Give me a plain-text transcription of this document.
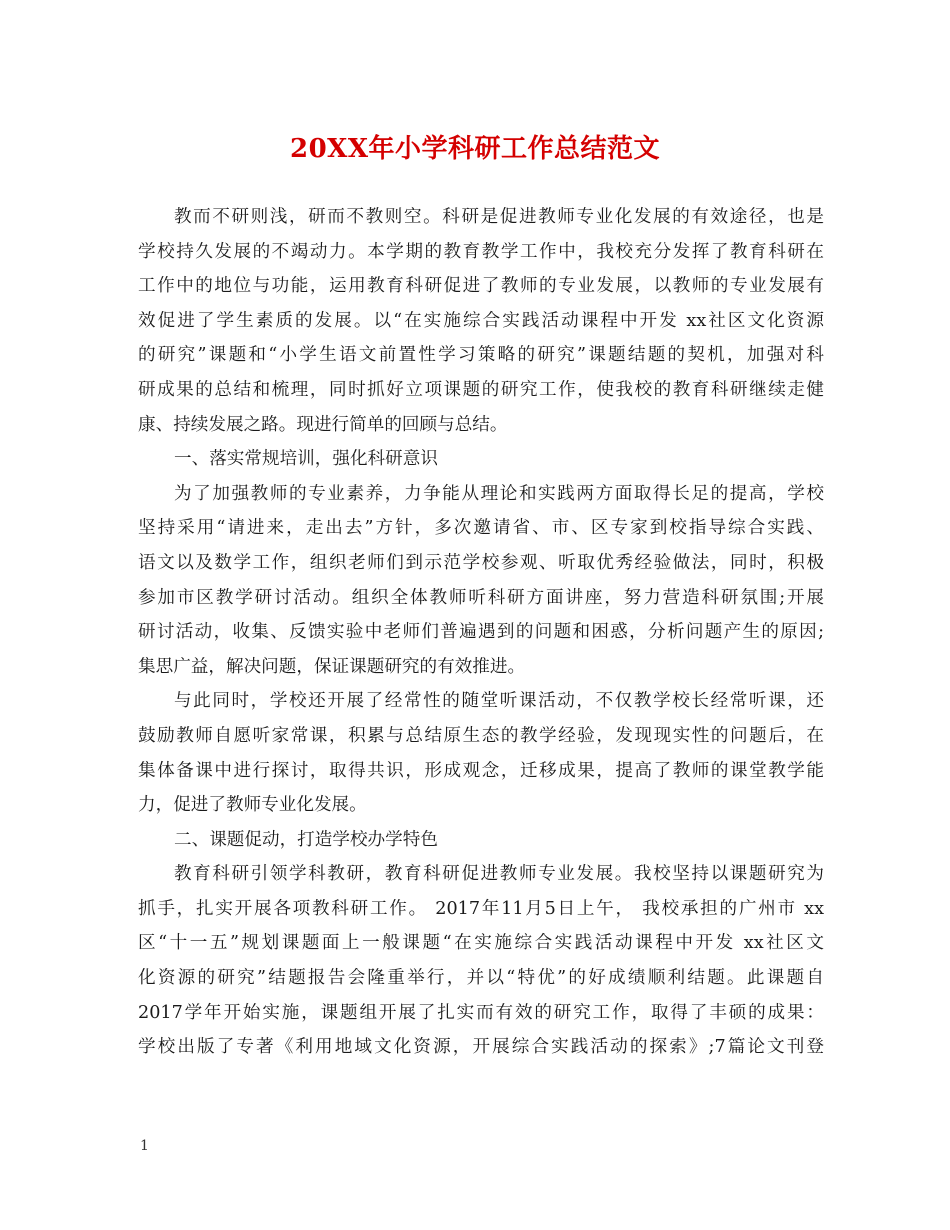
20XX年小学科研工作总结范文
教而不研则浅，研而不教则空。科研是促进教师专业化发展的有效途径，也是
学校持久发展的不竭动力。本学期的教育教学工作中，我校充分发挥了教育科研在
工作中的地位与功能，运用教育科研促进了教师的专业发展，以教师的专业发展有
效促进了学生素质的发展。以“在实施综合实践活动课程中开发 xx社区文化资源
的研究”课题和“小学生语文前置性学习策略的研究”课题结题的契机，加强对科
研成果的总结和梳理，同时抓好立项课题的研究工作，使我校的教育科研继续走健
康、持续发展之路。现进行简单的回顾与总结。
一、落实常规培训，强化科研意识
为了加强教师的专业素养，力争能从理论和实践两方面取得长足的提高，学校
坚持采用“请进来，走出去”方针，多次邀请省、市、区专家到校指导综合实践、
语文以及数学工作，组织老师们到示范学校参观、听取优秀经验做法，同时，积极
参加市区教学研讨活动。组织全体教师听科研方面讲座，努力营造科研氛围;开展
研讨活动，收集、反馈实验中老师们普遍遇到的问题和困惑，分析问题产生的原因;
集思广益，解决问题，保证课题研究的有效推进。
与此同时，学校还开展了经常性的随堂听课活动，不仅教学校长经常听课，还
鼓励教师自愿听家常课，积累与总结原生态的教学经验，发现现实性的问题后，在
集体备课中进行探讨，取得共识，形成观念，迁移成果，提高了教师的课堂教学能
力，促进了教师专业化发展。
二、课题促动，打造学校办学特色
教育科研引领学科教研，教育科研促进教师专业发展。我校坚持以课题研究为
抓手，扎实开展各项教科研工作。 2017年11月5日上午， 我校承担的广州市 xx
区“十一五”规划课题面上一般课题“在实施综合实践活动课程中开发 xx社区文
化资源的研究”结题报告会隆重举行，并以“特优”的好成绩顺利结题。此课题自
2017学年开始实施，课题组开展了扎实而有效的研究工作，取得了丰硕的成果：
学校出版了专著《利用地域文化资源，开展综合实践活动的探索》;7篇论文刊登
1
